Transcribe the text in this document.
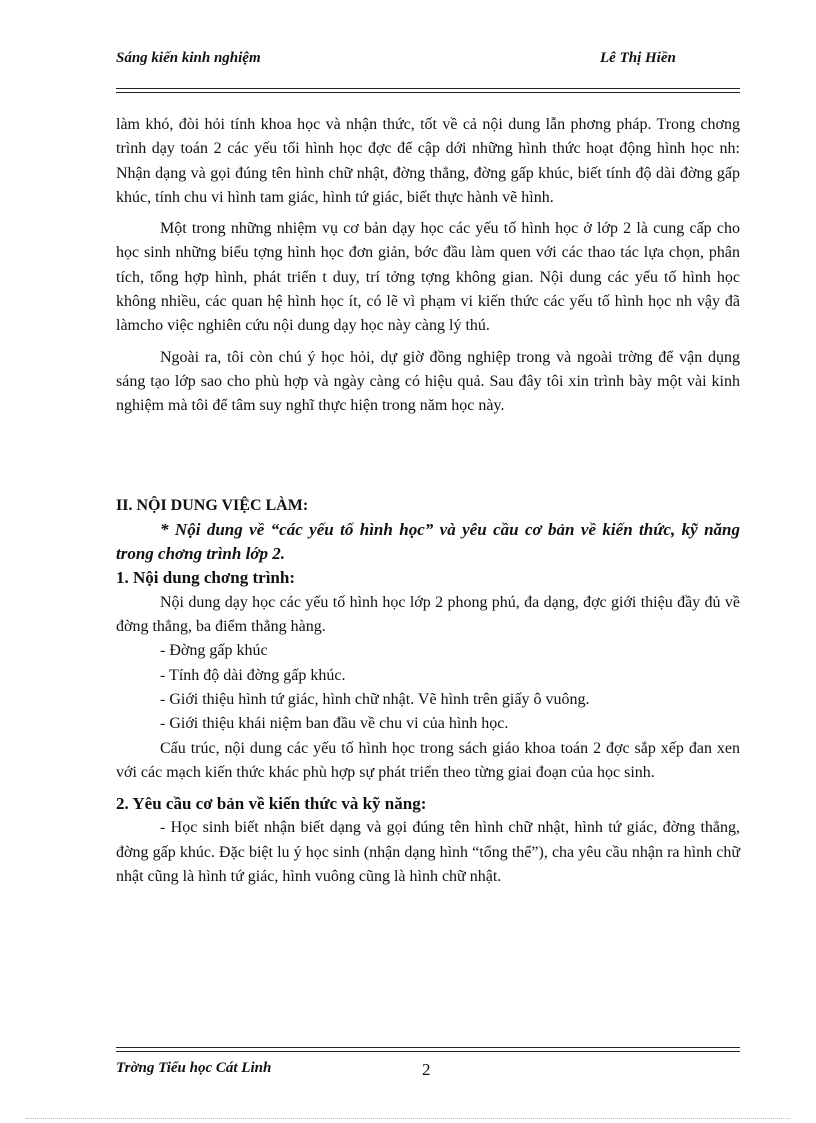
Sáng kiến kinh nghiệm	Lê Thị Hiền

làm khó, đòi hỏi tính khoa học và nhận thức, tốt về cả nội dung lẫn phơng pháp. Trong chơng trình dạy toán 2 các yếu tối hình học đợc để cập dới những hình thức hoạt động hình học nh: Nhận dạng và gọi đúng tên hình chữ nhật, đờng thẳng, đờng gấp khúc, biết tính độ dài đờng gấp khúc, tính chu vi hình tam giác, hình tứ giác, biết thực hành vẽ hình.

Một trong những nhiệm vụ cơ bản dạy học các yếu tố hình học ở lớp 2 là cung cấp cho học sinh những biểu tợng hình học đơn giản, bớc đầu làm quen với các thao tác lựa chọn, phân tích, tổng hợp hình, phát triển t duy, trí tởng tợng không gian. Nội dung các yếu tố hình học không nhiều, các quan hệ hình học ít, có lẽ vì phạm vi kiến thức các yếu tố hình học nh vậy đã làmcho việc nghiên cứu nội dung dạy học này càng lý thú.

Ngoài ra, tôi còn chú ý học hỏi, dự giờ đồng nghiệp trong và ngoài trờng để vận dụng sáng tạo lớp sao cho phù hợp và ngày càng có hiệu quả. Sau đây tôi xin trình bày một vài kinh nghiệm mà tôi để tâm suy nghĩ thực hiện trong năm học này.

II. NỘI DUNG VIỆC LÀM:

* Nội dung về “các yếu tố hình học” và yêu cầu cơ bản về kiến thức, kỹ năng trong chơng trình lớp 2.

1. Nội dung chơng trình:

Nội dung dạy học các yếu tố hình học lớp 2 phong phú, đa dạng, đợc giới thiệu đầy đủ về đờng thẳng, ba điểm thẳng hàng.

- Đờng gấp khúc

- Tính độ dài đờng gấp khúc.

- Giới thiệu hình tứ giác, hình chữ nhật. Vẽ hình trên giấy ô vuông.

- Giới thiệu khái niệm ban đầu về chu vi của hình học.

Cấu trúc, nội dung các yếu tố hình học trong sách giáo khoa toán 2 đợc sắp xếp đan xen với các mạch kiến thức khác phù hợp sự phát triển theo từng giai đoạn của học sinh.

2. Yêu cầu cơ bản về kiến thức và kỹ năng:

- Học sinh biết nhận biết dạng và gọi đúng tên hình chữ nhật, hình tứ giác, đờng thẳng, đờng gấp khúc. Đặc biệt lu ý học sinh (nhận dạng hình “tổng thể”), cha yêu cầu nhận ra hình chữ nhật cũng là hình tứ giác, hình vuông cũng là hình chữ nhật.

Trờng Tiểu học Cát Linh	2
